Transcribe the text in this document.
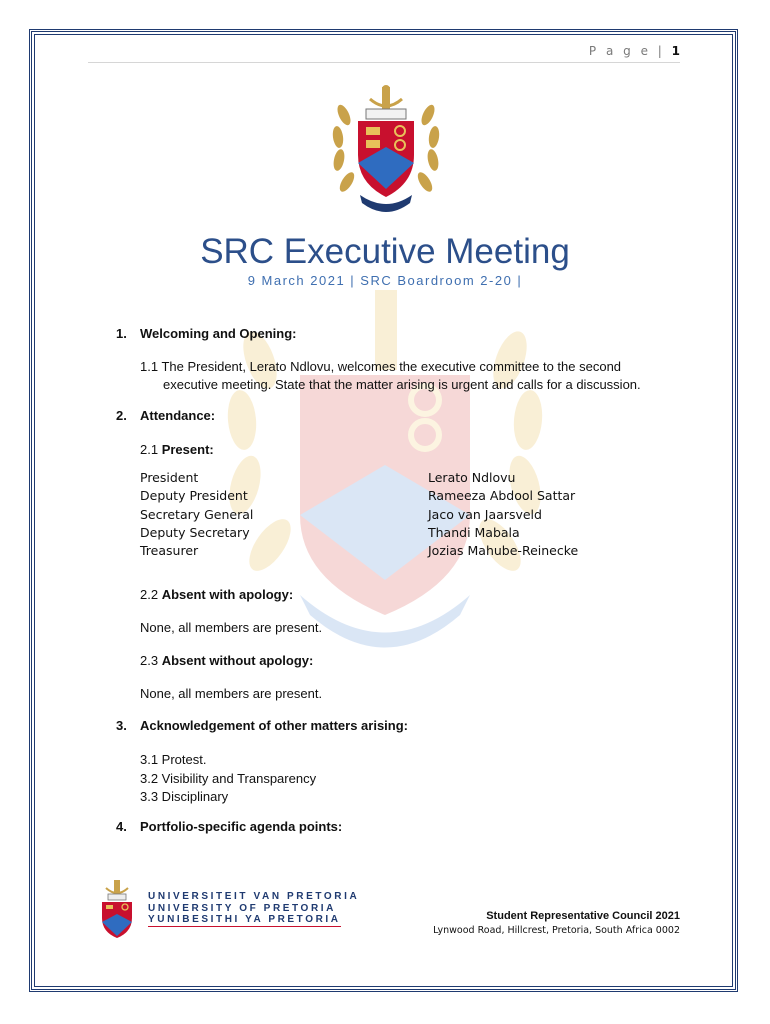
P a g e | 1
SRC Executive Meeting
9 March 2021 | SRC Boardroom 2-20 |
1. Welcoming and Opening:
1.1 The President, Lerato Ndlovu, welcomes the executive committee to the second
executive meeting. State that the matter arising is urgent and calls for a discussion.
2. Attendance:
2.1 Present:
President
Deputy President
Secretary General
Deputy Secretary
Treasurer
Lerato Ndlovu
Rameeza Abdool Sattar
Jaco van Jaarsveld
Thandi Mabala
Jozias Mahube-Reinecke
2.2 Absent with apology:
None, all members are present.
2.3 Absent without apology:
None, all members are present.
3. Acknowledgement of other matters arising:
3.1 Protest.
3.2 Visibility and Transparency
3.3 Disciplinary
4. Portfolio-specific agenda points:
UNIVERSITEIT VAN PRETORIA
UNIVERSITY OF PRETORIA
YUNIBESITHI YA PRETORIA	Student Representative Council 2021
Lynwood Road, Hillcrest, Pretoria, South Africa 0002
